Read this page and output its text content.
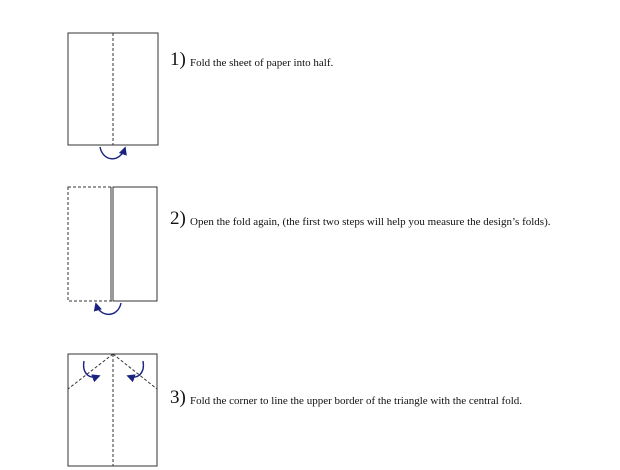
1) Fold the sheet of paper into half.
2) Open the fold again, (the first two steps will help you measure the design’s folds).
3) Fold the corner to line the upper border of the triangle with the central fold.
